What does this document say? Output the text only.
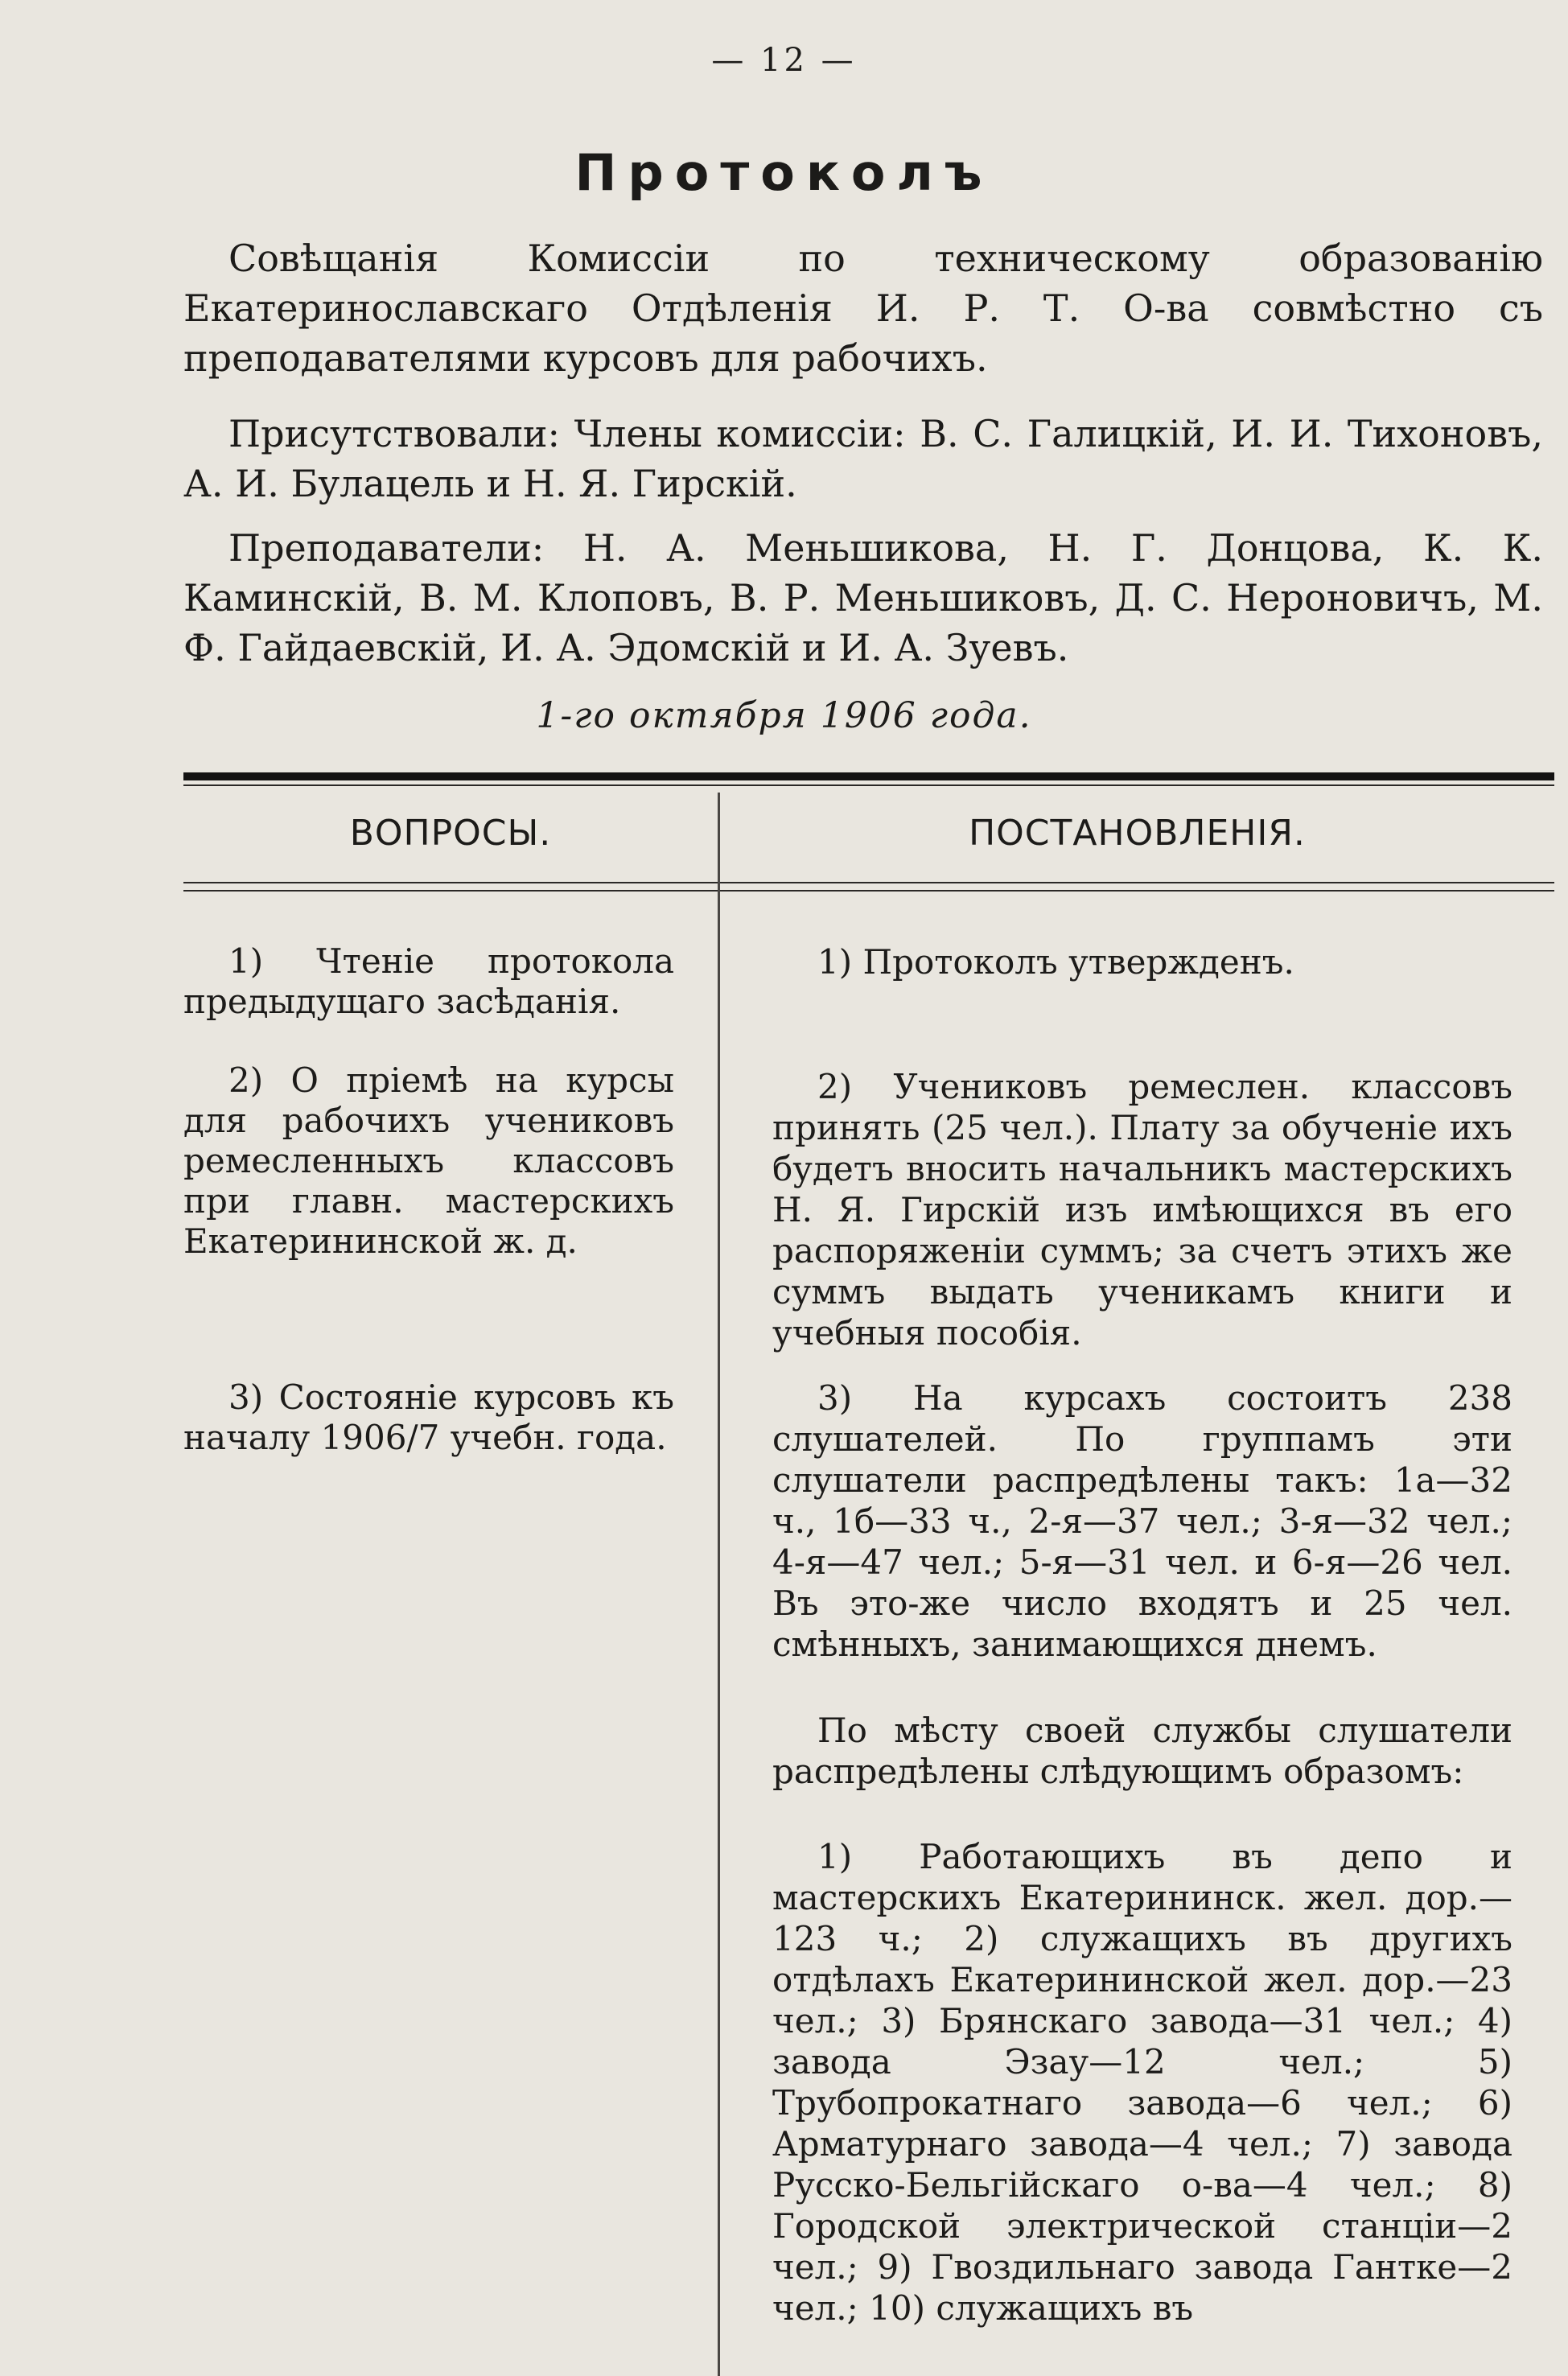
— 12 —
Протоколъ
Совѣщанія Комиссіи по техническому образованію Екатеринославскаго Отдѣленія И. Р. Т. О-ва совмѣстно съ преподавателями курсовъ для рабочихъ.
Присутствовали: Члены комиссіи: В. С. Галицкій, И. И. Тихоновъ, А. И. Булацель и Н. Я. Гирскій.
Преподаватели: Н. А. Меньшикова, Н. Г. Донцова, К. К. Каминскій, В. М. Клоповъ, В. Р. Меньшиковъ, Д. С. Нероновичъ, М. Ф. Гайдаевскій, И. А. Эдомскій и И. А. Зуевъ.
1-го октября 1906 года.
ВОПРОСЫ.	ПОСТАНОВЛЕНІЯ.
1) Чтеніе протокола предыдущаго засѣданія.
2) О пріемѣ на курсы для рабочихъ учениковъ ремесленныхъ классовъ при главн. мастерскихъ Екатерининской ж. д.
3) Состояніе курсовъ къ началу 1906/7 учебн. года.
1) Протоколъ утвержденъ.
2) Учениковъ ремеслен. классовъ принять (25 чел.). Плату за обученіе ихъ будетъ вносить начальникъ мастерскихъ Н. Я. Гирскій изъ имѣющихся въ его распоряженіи суммъ; за счетъ этихъ же суммъ выдать ученикамъ книги и учебныя пособія.
3) На курсахъ состоитъ 238 слушателей. По группамъ эти слушатели распредѣлены такъ: 1а—32 ч., 1б—33 ч., 2-я—37 чел.; 3-я—32 чел.; 4-я—47 чел.; 5-я—31 чел. и 6-я—26 чел. Въ это-же число входятъ и 25 чел. смѣнныхъ, занимающихся днемъ.
По мѣсту своей службы слушатели распредѣлены слѣдующимъ образомъ:
1) Работающихъ въ депо и мастерскихъ Екатерининск. жел. дор.—123 ч.; 2) служащихъ въ другихъ отдѣлахъ Екатерининской жел. дор.—23 чел.; 3) Брянскаго завода—31 чел.; 4) завода Эзау—12 чел.; 5) Трубопрокатнаго завода—6 чел.; 6) Арматурнаго завода—4 чел.; 7) завода Русско-Бельгійскаго о-ва—4 чел.; 8) Городской электрической станціи—2 чел.; 9) Гвоздильнаго завода Гантке—2 чел.; 10) служащихъ въ
